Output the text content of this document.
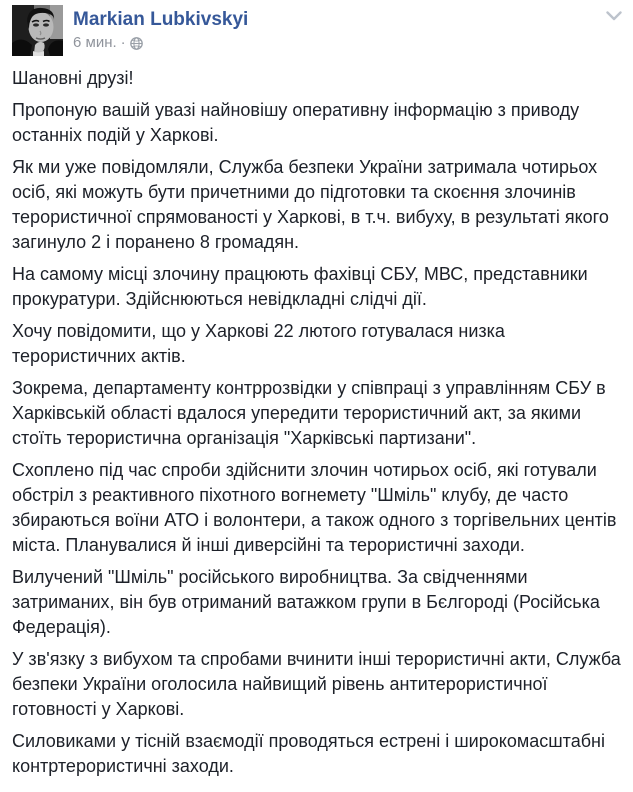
Markian Lubkivskyi
6 мин. ·

Шановні друзі!

Пропоную вашій увазі найновішу оперативну інформацію з приводу останніх подій у Харкові.

Як ми уже повідомляли, Служба безпеки України затримала чотирьох осіб, які можуть бути причетними до підготовки та скоєння злочинів терористичної спрямованості у Харкові, в т.ч. вибуху, в результаті якого загинуло 2 і поранено 8 громадян.

На самому місці злочину працюють фахівці СБУ, МВС, представники прокуратури. Здійснюються невідкладні слідчі дії.

Хочу повідомити, що у Харкові 22 лютого готувалася низка терористичних актів.

Зокрема, департаменту контррозвідки у співпраці з управлінням СБУ в Харківській області вдалося упередити терористичний акт, за якими стоїть терористична організація "Харківські партизани".

Схоплено під час спроби здійснити злочин чотирьох осіб, які готували обстріл з реактивного піхотного вогнемету "Шміль" клубу, де часто збираються воїни АТО і волонтери, а також одного з торгівельних центів міста. Планувалися й інші диверсійні та терористичні заходи.

Вилучений "Шміль" російського виробництва. За свідченнями затриманих, він був отриманий ватажком групи в Бєлгороді (Російська Федерація).

У зв'язку з вибухом та спробами вчинити інші терористичні акти, Служба безпеки України оголосила найвищий рівень антитерористичної готовності у Харкові.

Силовиками у тісній взаємодії проводяться естрені і широкомасштабні контртерористичні заходи.
